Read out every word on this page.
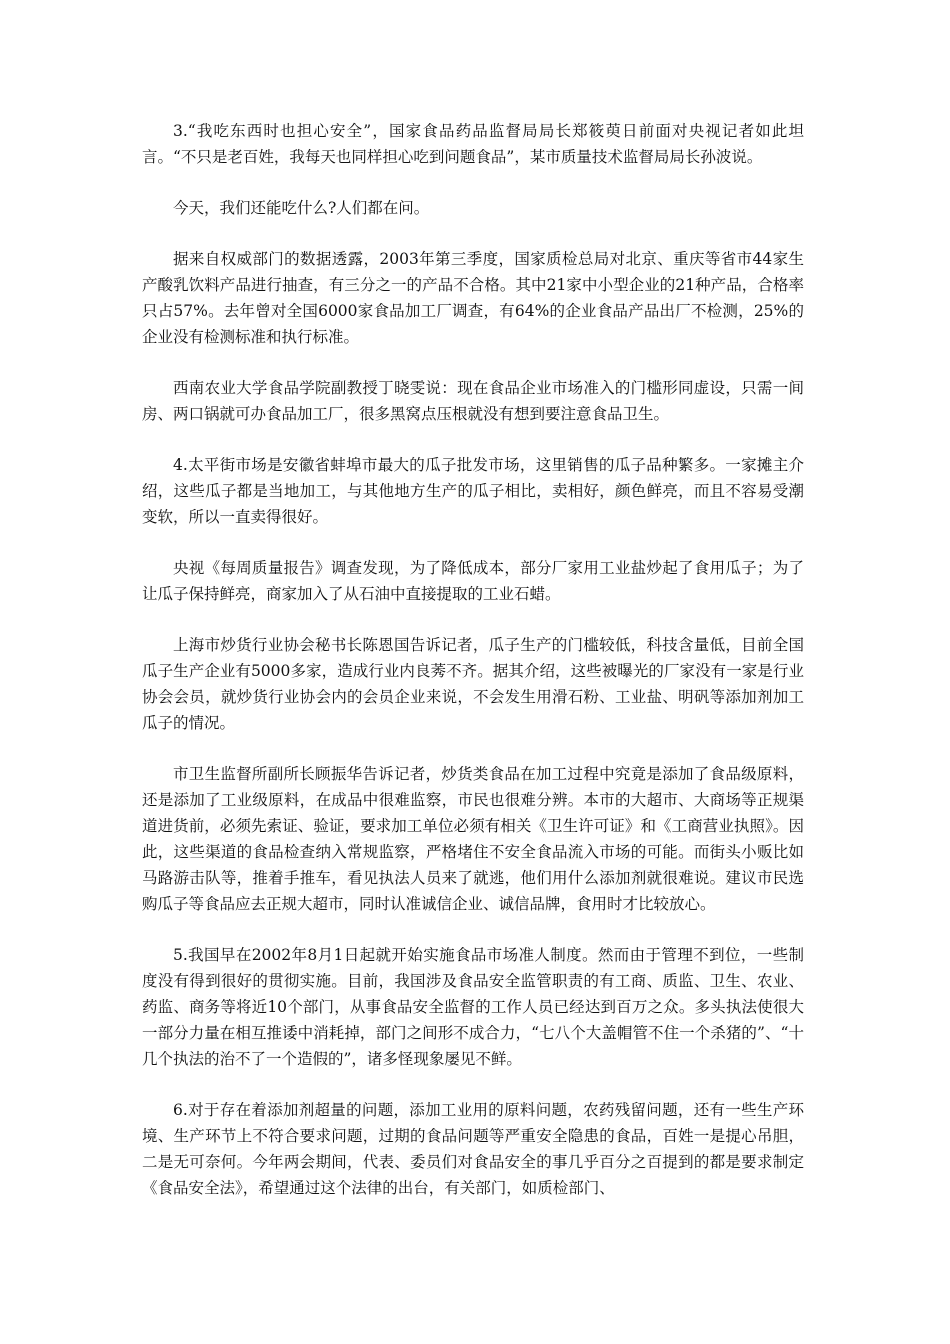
3.“我吃东西时也担心安全”，国家食品药品监督局局长郑筱萸日前面对央视记者如此坦言。“不只是老百姓，我每天也同样担心吃到问题食品”，某市质量技术监督局局长孙波说。

今天，我们还能吃什么?人们都在问。

据来自权威部门的数据透露，2003年第三季度，国家质检总局对北京、重庆等省市44家生产酸乳饮料产品进行抽查，有三分之一的产品不合格。其中21家中小型企业的21种产品，合格率只占57%。去年曾对全国6000家食品加工厂调查，有64%的企业食品产品出厂不检测，25%的企业没有检测标准和执行标准。

西南农业大学食品学院副教授丁晓雯说：现在食品企业市场准入的门槛形同虚设，只需一间房、两口锅就可办食品加工厂，很多黑窝点压根就没有想到要注意食品卫生。

4.太平街市场是安徽省蚌埠市最大的瓜子批发市场，这里销售的瓜子品种繁多。一家摊主介绍，这些瓜子都是当地加工，与其他地方生产的瓜子相比，卖相好，颜色鲜亮，而且不容易受潮变软，所以一直卖得很好。

央视《每周质量报告》调查发现，为了降低成本，部分厂家用工业盐炒起了食用瓜子；为了让瓜子保持鲜亮，商家加入了从石油中直接提取的工业石蜡。

上海市炒货行业协会秘书长陈恩国告诉记者，瓜子生产的门槛较低，科技含量低，目前全国瓜子生产企业有5000多家，造成行业内良莠不齐。据其介绍，这些被曝光的厂家没有一家是行业协会会员，就炒货行业协会内的会员企业来说，不会发生用滑石粉、工业盐、明矾等添加剂加工瓜子的情况。

市卫生监督所副所长顾振华告诉记者，炒货类食品在加工过程中究竟是添加了食品级原料，还是添加了工业级原料，在成品中很难监察，市民也很难分辨。本市的大超市、大商场等正规渠道进货前，必须先索证、验证，要求加工单位必须有相关《卫生许可证》和《工商营业执照》。因此，这些渠道的食品检查纳入常规监察，严格堵住不安全食品流入市场的可能。而街头小贩比如马路游击队等，推着手推车，看见执法人员来了就逃，他们用什么添加剂就很难说。建议市民选购瓜子等食品应去正规大超市，同时认准诚信企业、诚信品牌，食用时才比较放心。

5.我国早在2002年8月1日起就开始实施食品市场准人制度。然而由于管理不到位，一些制度没有得到很好的贯彻实施。目前，我国涉及食品安全监管职责的有工商、质监、卫生、农业、药监、商务等将近10个部门，从事食品安全监督的工作人员已经达到百万之众。多头执法使很大一部分力量在相互推诿中消耗掉，部门之间形不成合力，“七八个大盖帽管不住一个杀猪的”、“十几个执法的治不了一个造假的”，诸多怪现象屡见不鲜。

6.对于存在着添加剂超量的问题，添加工业用的原料问题，农药残留问题，还有一些生产环境、生产环节上不符合要求问题，过期的食品问题等严重安全隐患的食品，百姓一是提心吊胆，二是无可奈何。今年两会期间，代表、委员们对食品安全的事几乎百分之百提到的都是要求制定《食品安全法》，希望通过这个法律的出台，有关部门，如质检部门、
